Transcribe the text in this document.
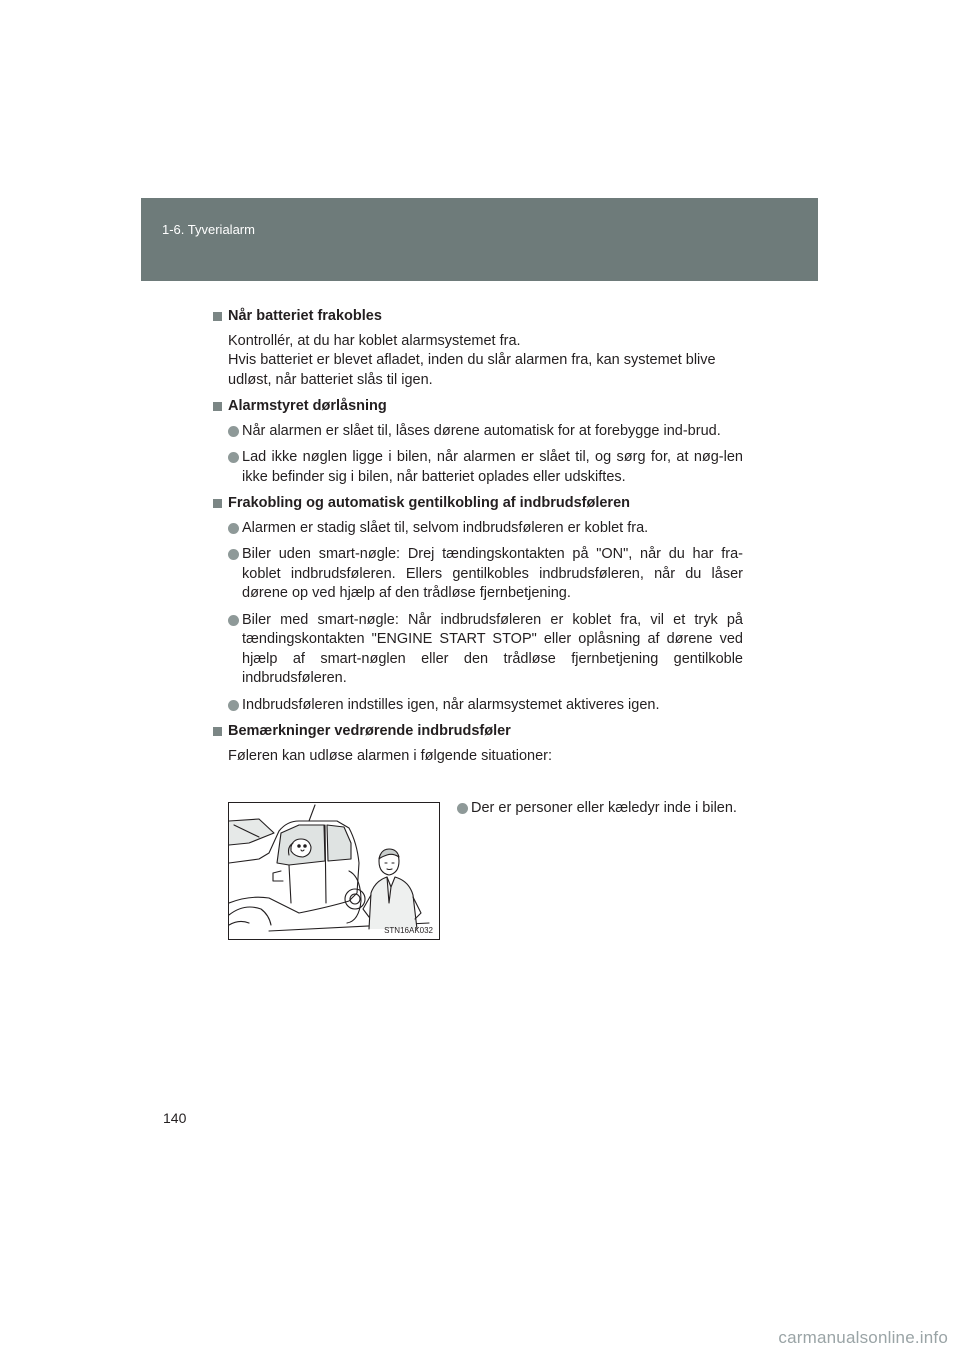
1-6. Tyverialarm
Når batteriet frakobles
Kontrollér, at du har koblet alarmsystemet fra.
Hvis batteriet er blevet afladet, inden du slår alarmen fra, kan systemet blive udløst, når batteriet slås til igen.
Alarmstyret dørlåsning
Når alarmen er slået til, låses dørene automatisk for at forebygge ind-brud.
Lad ikke nøglen ligge i bilen, når alarmen er slået til, og sørg for, at nøg-len ikke befinder sig i bilen, når batteriet oplades eller udskiftes.
Frakobling og automatisk gentilkobling af indbrudsføleren
Alarmen er stadig slået til, selvom indbrudsføleren er koblet fra.
Biler uden smart-nøgle: Drej tændingskontakten på "ON", når du har fra-koblet indbrudsføleren. Ellers gentilkobles indbrudsføleren, når du låser dørene op ved hjælp af den trådløse fjernbetjening.
Biler med smart-nøgle: Når indbrudsføleren er koblet fra, vil et tryk på tændingskontakten "ENGINE START STOP" eller oplåsning af dørene ved hjælp af smart-nøglen eller den trådløse fjernbetjening gentilkoble indbrudsføleren.
Indbrudsføleren indstilles igen, når alarmsystemet aktiveres igen.
Bemærkninger vedrørende indbrudsføler
Føleren kan udløse alarmen i følgende situationer:
STN16AK032
Der er personer eller kæledyr inde i bilen.
140
carmanualsonline.info
